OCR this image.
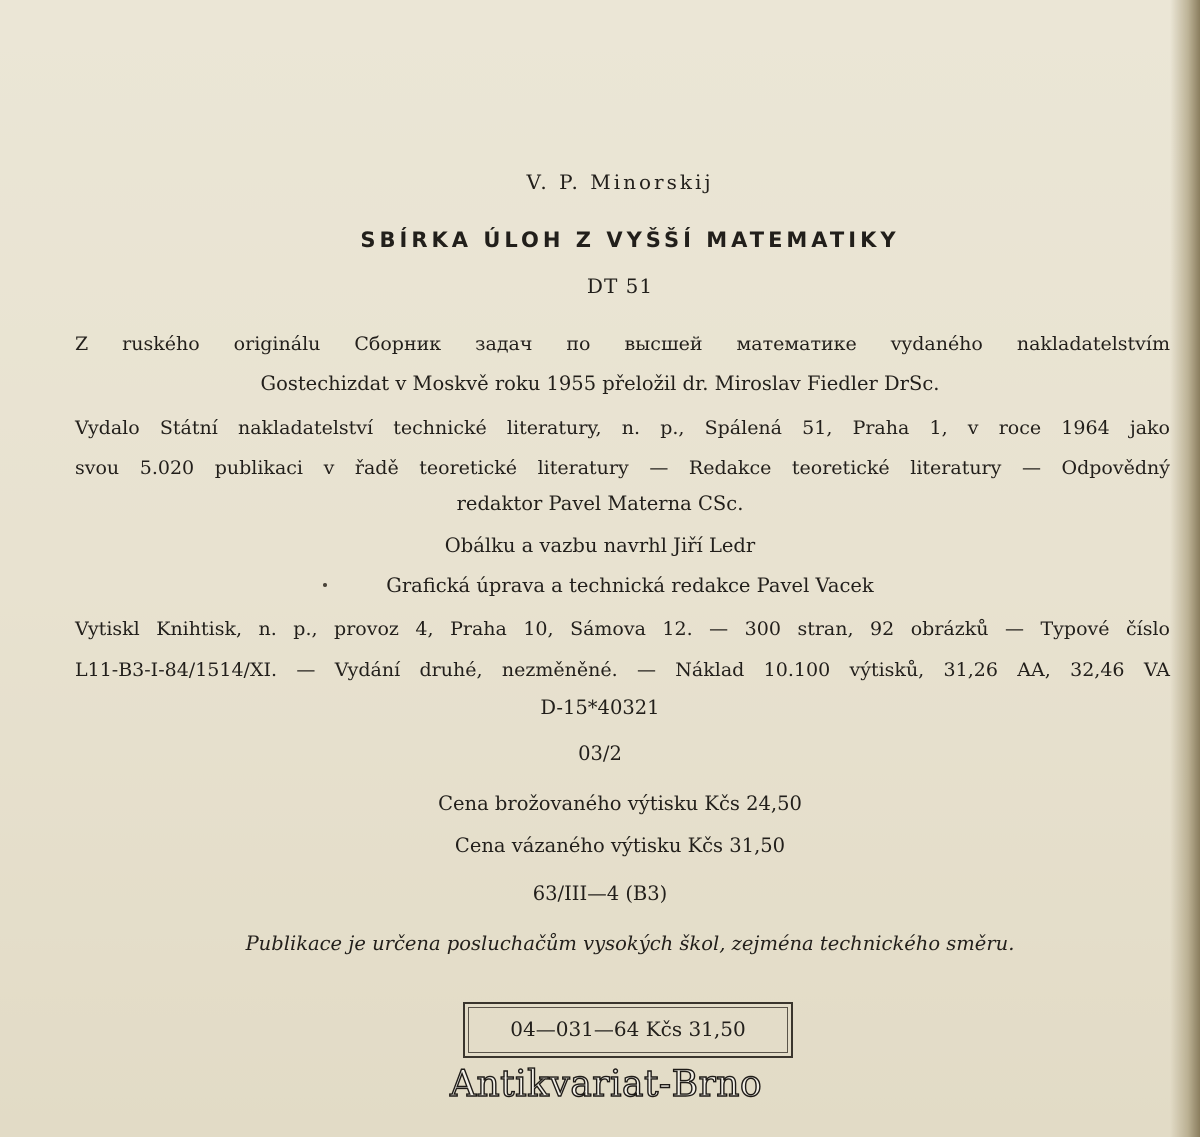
V. P. Minorskij
SBÍRKA ÚLOH Z VYŠŠÍ MATEMATIKY
DT 51
Z ruského originálu Сборник задач по высшей математике vydaného nakladatelstvím
Gostechizdat v Moskvě roku 1955 přeložil dr. Miroslav Fiedler DrSc.
Vydalo Státní nakladatelství technické literatury, n. p., Spálená 51, Praha 1, v roce 1964 jako
svou 5.020 publikaci v řadě teoretické literatury — Redakce teoretické literatury — Odpovědný
redaktor Pavel Materna CSc.
Obálku a vazbu navrhl Jiří Ledr
Grafická úprava a technická redakce Pavel Vacek
Vytiskl Knihtisk, n. p., provoz 4, Praha 10, Sámova 12. — 300 stran, 92 obrázků — Typové číslo
L11-B3-I-84/1514/XI. — Vydání druhé, nezměněné. — Náklad 10.100 výtisků, 31,26 AA, 32,46 VA
D-15*40321
03/2
Cena brožovaného výtisku Kčs 24,50
Cena vázaného výtisku Kčs 31,50
63/III—4 (B3)
Publikace je určena posluchačům vysokých škol, zejména technického směru.
04—031—64 Kčs 31,50
Antikvariat-Brno
